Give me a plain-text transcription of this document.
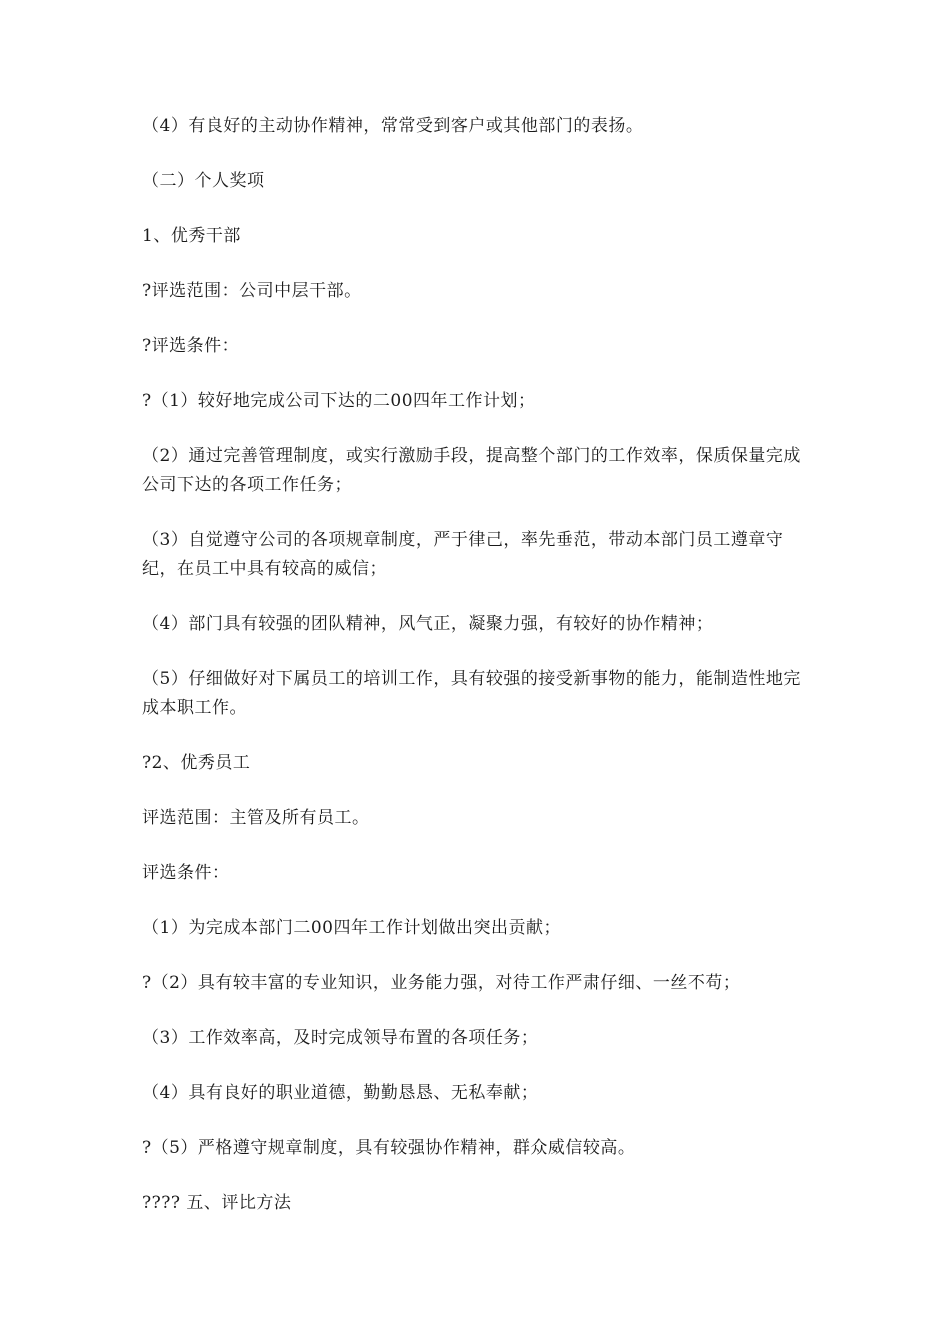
（4）有良好的主动协作精神，常常受到客户或其他部门的表扬。

（二）个人奖项

1、优秀干部

?评选范围：公司中层干部。

?评选条件：

?（1）较好地完成公司下达的二00四年工作计划；

（2）通过完善管理制度，或实行激励手段，提高整个部门的工作效率，保质保量完成公司下达的各项工作任务；

（3）自觉遵守公司的各项规章制度，严于律己，率先垂范，带动本部门员工遵章守纪，在员工中具有较高的威信；

（4）部门具有较强的团队精神，风气正，凝聚力强，有较好的协作精神；

（5）仔细做好对下属员工的培训工作，具有较强的接受新事物的能力，能制造性地完成本职工作。

?2、优秀员工

评选范围：主管及所有员工。

评选条件：

（1）为完成本部门二00四年工作计划做出突出贡献；

?（2）具有较丰富的专业知识，业务能力强，对待工作严肃仔细、一丝不苟；

（3）工作效率高，及时完成领导布置的各项任务；

（4）具有良好的职业道德，勤勤恳恳、无私奉献；

?（5）严格遵守规章制度，具有较强协作精神，群众威信较高。

???? 五、评比方法
